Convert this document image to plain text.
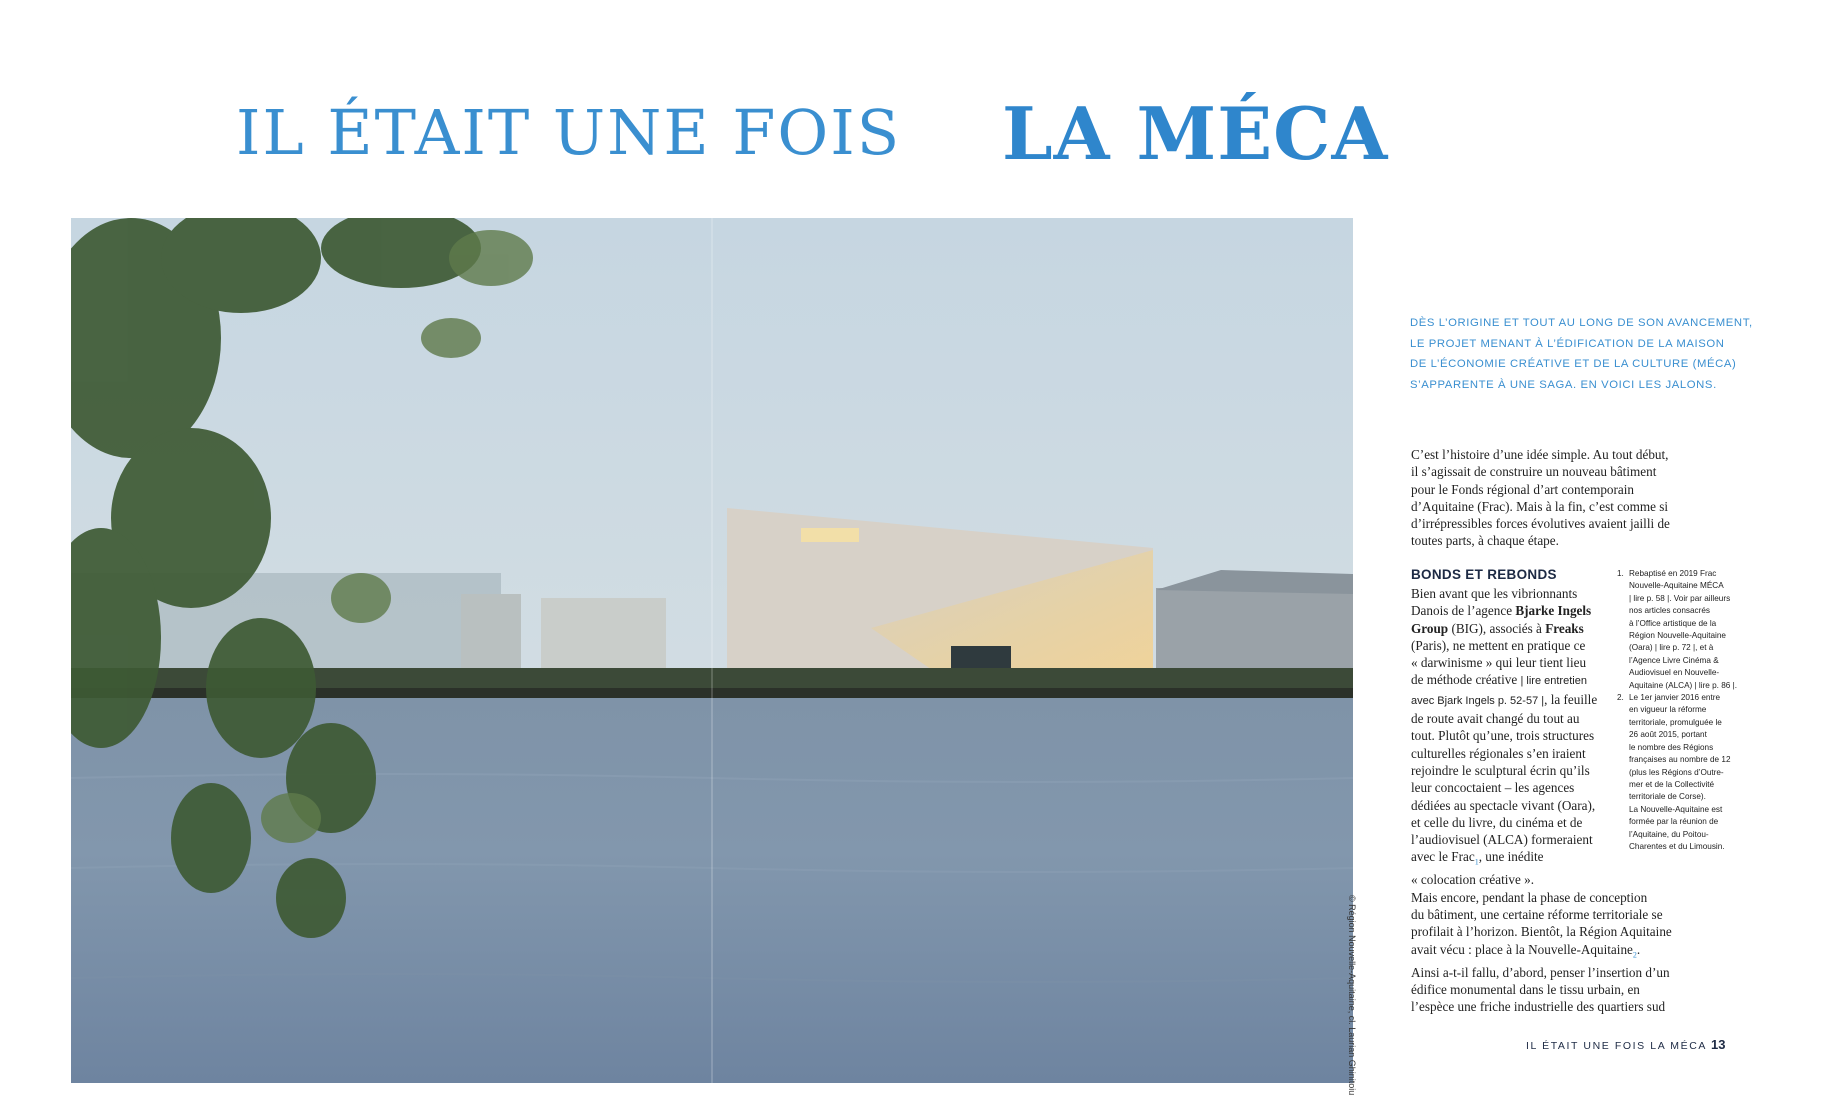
IL ÉTAIT UNE FOIS LA MÉCA
© Région Nouvelle-Aquitaine, cl. Laurian Ghinitoiu
DÈS L’ORIGINE ET TOUT AU LONG DE SON AVANCEMENT,
LE PROJET MENANT À L’ÉDIFICATION DE LA MAISON
DE L’ÉCONOMIE CRÉATIVE ET DE LA CULTURE (MÉCA)
S’APPARENTE À UNE SAGA. EN VOICI LES JALONS.
C’est l’histoire d’une idée simple. Au tout début,
il s’agissait de construire un nouveau bâtiment
pour le Fonds régional d’art contemporain
d’Aquitaine (Frac). Mais à la fin, c’est comme si
d’irrépressibles forces évolutives avaient jailli de
toutes parts, à chaque étape.
BONDS ET REBONDS
Bien avant que les vibrionnants
Danois de l’agence Bjarke Ingels
Group (BIG), associés à Freaks
(Paris), ne mettent en pratique ce
« darwinisme » qui leur tient lieu
de méthode créative | lire entretien
avec Bjark Ingels p. 52-57 |, la feuille
de route avait changé du tout au
tout. Plutôt qu’une, trois structures
culturelles régionales s’en iraient
rejoindre le sculptural écrin qu’ils
leur concoctaient – les agences
dédiées au spectacle vivant (Oara),
et celle du livre, du cinéma et de
l’audiovisuel (ALCA) formeraient
avec le Frac$_1$, une inédite
« colocation créative ».
Mais encore, pendant la phase de conception
du bâtiment, une certaine réforme territoriale se
profilait à l’horizon. Bientôt, la Région Aquitaine
avait vécu : place à la Nouvelle-Aquitaine$_2$.
Ainsi a-t-il fallu, d’abord, penser l’insertion d’un
édifice monumental dans le tissu urbain, en
l’espèce une friche industrielle des quartiers sud
1. Rebaptisé en 2019 Frac
Nouvelle-Aquitaine MÉCA
| lire p. 58 |. Voir par ailleurs
nos articles consacrés
à l’Office artistique de la
Région Nouvelle-Aquitaine
(Oara) | lire p. 72 |, et à
l’Agence Livre Cinéma &
Audiovisuel en Nouvelle-
Aquitaine (ALCA) | lire p. 86 |.
2. Le 1er janvier 2016 entre
en vigueur la réforme
territoriale, promulguée le
26 août 2015, portant
le nombre des Régions
françaises au nombre de 12
(plus les Régions d’Outre-
mer et de la Collectivité
territoriale de Corse).
La Nouvelle-Aquitaine est
formée par la réunion de
l’Aquitaine, du Poitou-
Charentes et du Limousin.
IL ÉTAIT UNE FOIS LA MÉCA 13
